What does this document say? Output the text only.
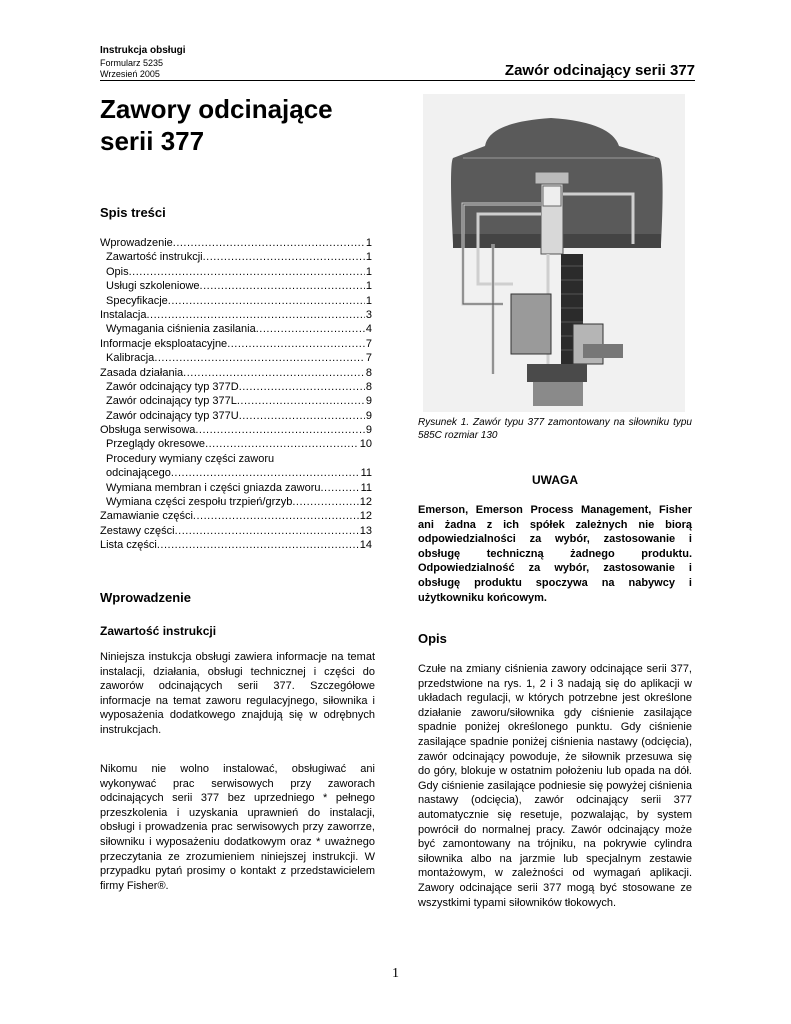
Instrukcja obsługi
Formularz 5235
Wrzesień 2005	Zawór odcinający serii 377
Zawory odcinające
serii 377
Spis treści
Wprowadzenie .....	1
Zawartość instrukcji .....	1
Opis .....	1
Usługi szkoleniowe .....	1
Specyfikacje .....	1
Instalacja .....	3
Wymagania ciśnienia zasilania .....	4
Informacje eksploatacyjne .....	7
Kalibracja .....	7
Zasada działania .....	8
Zawór odcinający typ 377D .....	8
Zawór odcinający typ 377L .....	9
Zawór odcinający typ 377U .....	9
Obsługa serwisowa .....	9
Przeglądy okresowe .....	10
Procedury wymiany części zaworu
odcinającego .....	11
Wymiana membran i części gniazda zaworu .....	11
Wymiana części zespołu trzpień/grzyb .....	12
Zamawianie części .....	12
Zestawy części .....	13
Lista części .....	14
Wprowadzenie
Zawartość instrukcji
Niniejsza instukcja obsługi zawiera informacje na temat instalacji, działania, obsługi technicznej i części do zaworów odcinających serii 377. Szczegółowe informacje na temat zaworu regulacyjnego, siłownika i wyposażenia dodatkowego znajdują się w odrębnych instrukcjach.
Nikomu nie wolno instalować, obsługiwać ani wykonywać prac serwisowych przy zaworach odcinających serii 377 bez uprzedniego * pełnego przeszkolenia i uzyskania uprawnień do instalacji, obsługi i prowadzenia prac serwisowych przy zaworrze, siłowniku i wyposażeniu dodatkowym oraz * uważnego przeczytania ze zrozumieniem niniejszej instrukcji. W przypadku pytań prosimy o kontakt z przedstawicielem firmy Fisher®.
Rysunek 1. Zawór typu 377 zamontowany na siłowniku typu 585C rozmiar 130
UWAGA
Emerson, Emerson Process Management, Fisher ani żadna z ich spółek zależnych nie biorą odpowiedzialności za wybór, zastosowanie i obsługę techniczną żadnego produktu. Odpowiedzialność za wybór, zastosowanie i obsługę produktu spoczywa na nabywcy i użytkowniku końcowym.
Opis
Czułe na zmiany ciśnienia zawory odcinające serii 377, przedstwione na rys. 1, 2 i 3 nadają się do aplikacji w układach regulacji, w których potrzebne jest określone działanie zaworu/siłownika gdy ciśnienie zasilające spadnie poniżej określonego punktu. Gdy ciśnienie zasilające spadnie poniżej ciśnienia nastawy (odcięcia), zawór odcinający powoduje, że siłownik przesuwa się do góry, blokuje w ostatnim położeniu lub opada na dół. Gdy ciśnienie zasilające podniesie się powyżej ciśnienia nastawy (odcięcia), zawór odcinający serii 377 automatycznie się resetuje, pozwalając, by system powrócił do normalnej pracy. Zawór odcinający może być zamontowany na trójniku, na pokrywie cylindra siłownika albo na jarzmie lub specjalnym zestawie montażowym, w zależności od wymagań aplikacji. Zawory odcinające serii 377 mogą być stosowane ze wszystkimi typami siłowników tłokowych.
1
